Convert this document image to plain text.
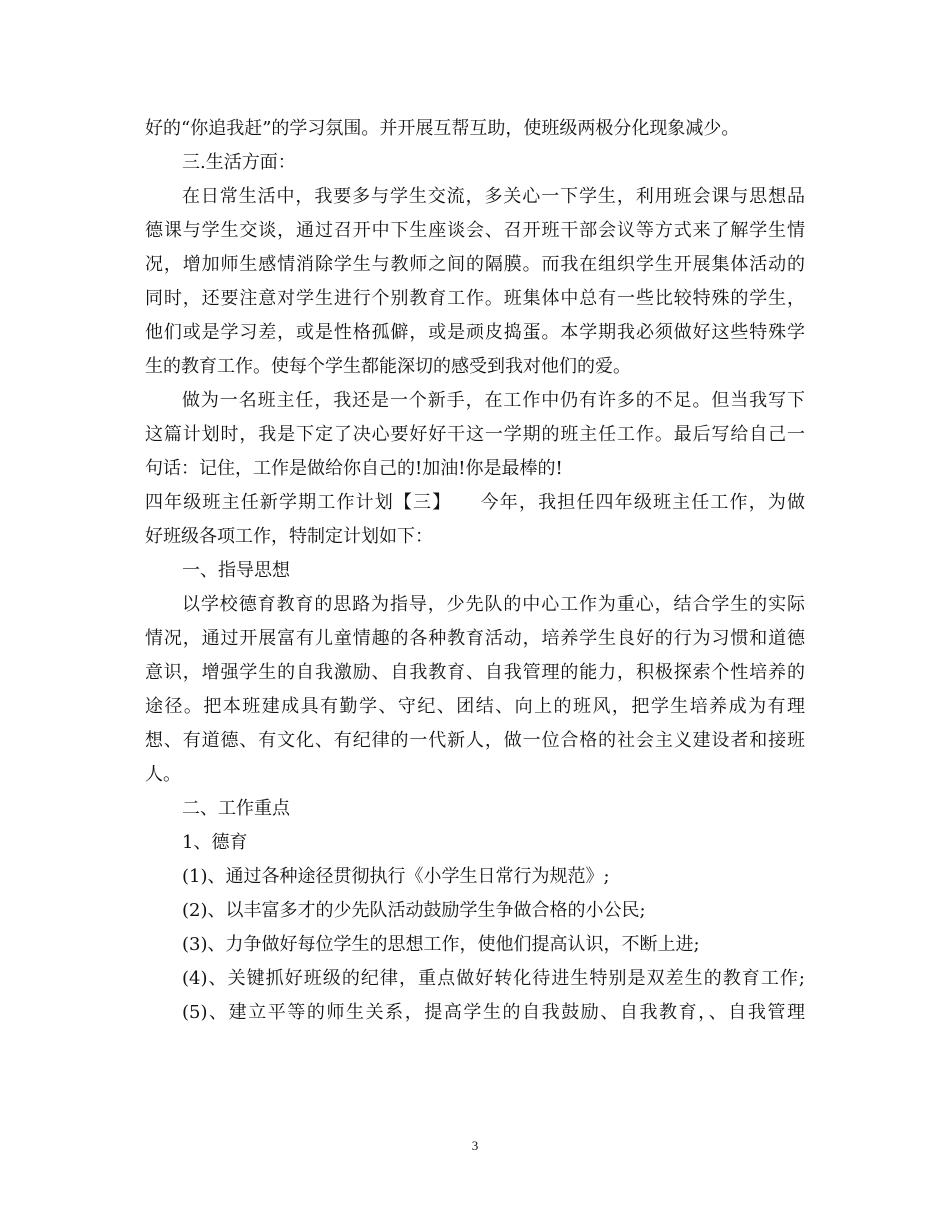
好的“你追我赶”的学习氛围。并开展互帮互助，使班级两极分化现象减少。
三.生活方面：
在日常生活中，我要多与学生交流，多关心一下学生，利用班会课与思想品
德课与学生交谈，通过召开中下生座谈会、召开班干部会议等方式来了解学生情
况，增加师生感情消除学生与教师之间的隔膜。而我在组织学生开展集体活动的
同时，还要注意对学生进行个别教育工作。班集体中总有一些比较特殊的学生，
他们或是学习差，或是性格孤僻，或是顽皮捣蛋。本学期我必须做好这些特殊学
生的教育工作。使每个学生都能深切的感受到我对他们的爱。
做为一名班主任，我还是一个新手，在工作中仍有许多的不足。但当我写下
这篇计划时，我是下定了决心要好好干这一学期的班主任工作。最后写给自己一
句话：记住，工作是做给你自己的!加油!你是最棒的!
四年级班主任新学期工作计划【三】　　今年，我担任四年级班主任工作，为做
好班级各项工作，特制定计划如下：
一、指导思想
以学校德育教育的思路为指导，少先队的中心工作为重心，结合学生的实际
情况，通过开展富有儿童情趣的各种教育活动，培养学生良好的行为习惯和道德
意识，增强学生的自我激励、自我教育、自我管理的能力，积极探索个性培养的
途径。把本班建成具有勤学、守纪、团结、向上的班风，把学生培养成为有理
想、有道德、有文化、有纪律的一代新人，做一位合格的社会主义建设者和接班
人。
二、工作重点
1、德育
(1)、通过各种途径贯彻执行《小学生日常行为规范》;
(2)、以丰富多才的少先队活动鼓励学生争做合格的小公民;
(3)、力争做好每位学生的思想工作，使他们提高认识，不断上进;
(4)、关键抓好班级的纪律，重点做好转化待进生特别是双差生的教育工作;
(5)、建立平等的师生关系，提高学生的自我鼓励、自我教育，、自我管理
3
